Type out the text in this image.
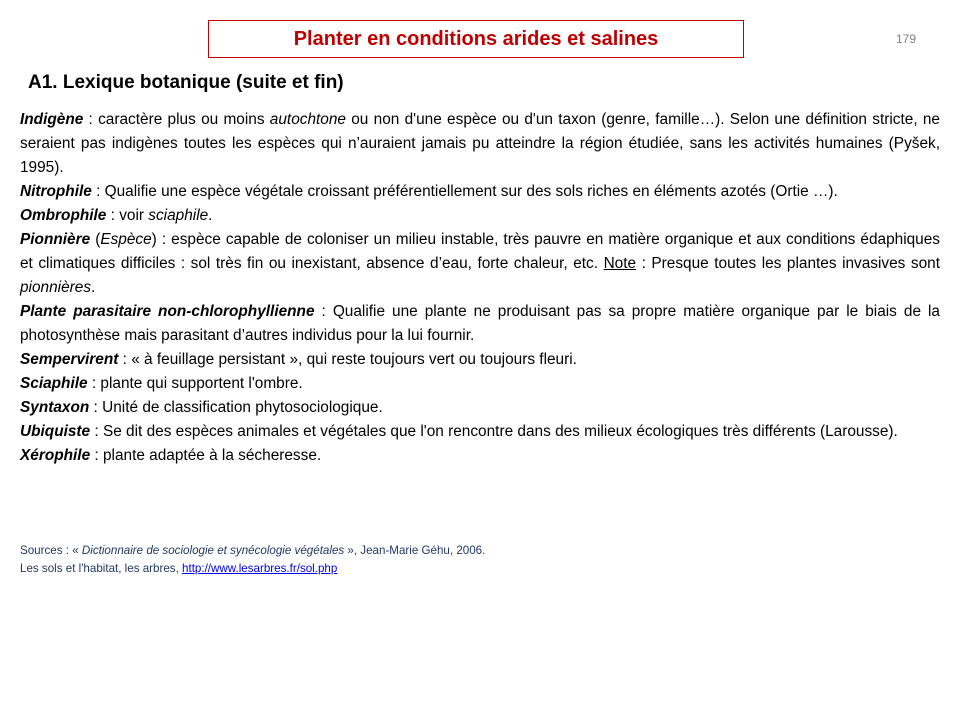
Planter en conditions arides et salines	179
A1. Lexique botanique (suite et fin)

Indigène : caractère plus ou moins autochtone ou non d'une espèce ou d'un taxon (genre, famille…). Selon une définition stricte, ne seraient pas indigènes toutes les espèces qui n’auraient jamais pu atteindre la région étudiée, sans les activités humaines (Pyšek, 1995).

Nitrophile : Qualifie une espèce végétale croissant préférentiellement sur des sols riches en éléments azotés (Ortie …).

Ombrophile : voir sciaphile.

Pionnière (Espèce) : espèce capable de coloniser un milieu instable, très pauvre en matière organique et aux conditions édaphiques et climatiques difficiles : sol très fin ou inexistant, absence d’eau, forte chaleur, etc. Note : Presque toutes les plantes invasives sont pionnières.

Plante parasitaire non-chlorophyllienne : Qualifie une plante ne produisant pas sa propre matière organique par le biais de la photosynthèse mais parasitant d’autres individus pour la lui fournir.

Sempervirent : « à feuillage persistant », qui reste toujours vert ou toujours fleuri.

Sciaphile : plante qui supportent l'ombre.

Syntaxon : Unité de classification phytosociologique.

Ubiquiste : Se dit des espèces animales et végétales que l'on rencontre dans des milieux écologiques très différents (Larousse).

Xérophile : plante adaptée à la sécheresse.

Sources : « Dictionnaire de sociologie et synécologie végétales », Jean-Marie Géhu, 2006.

Les sols et l'habitat, les arbres, http://www.lesarbres.fr/sol.php
